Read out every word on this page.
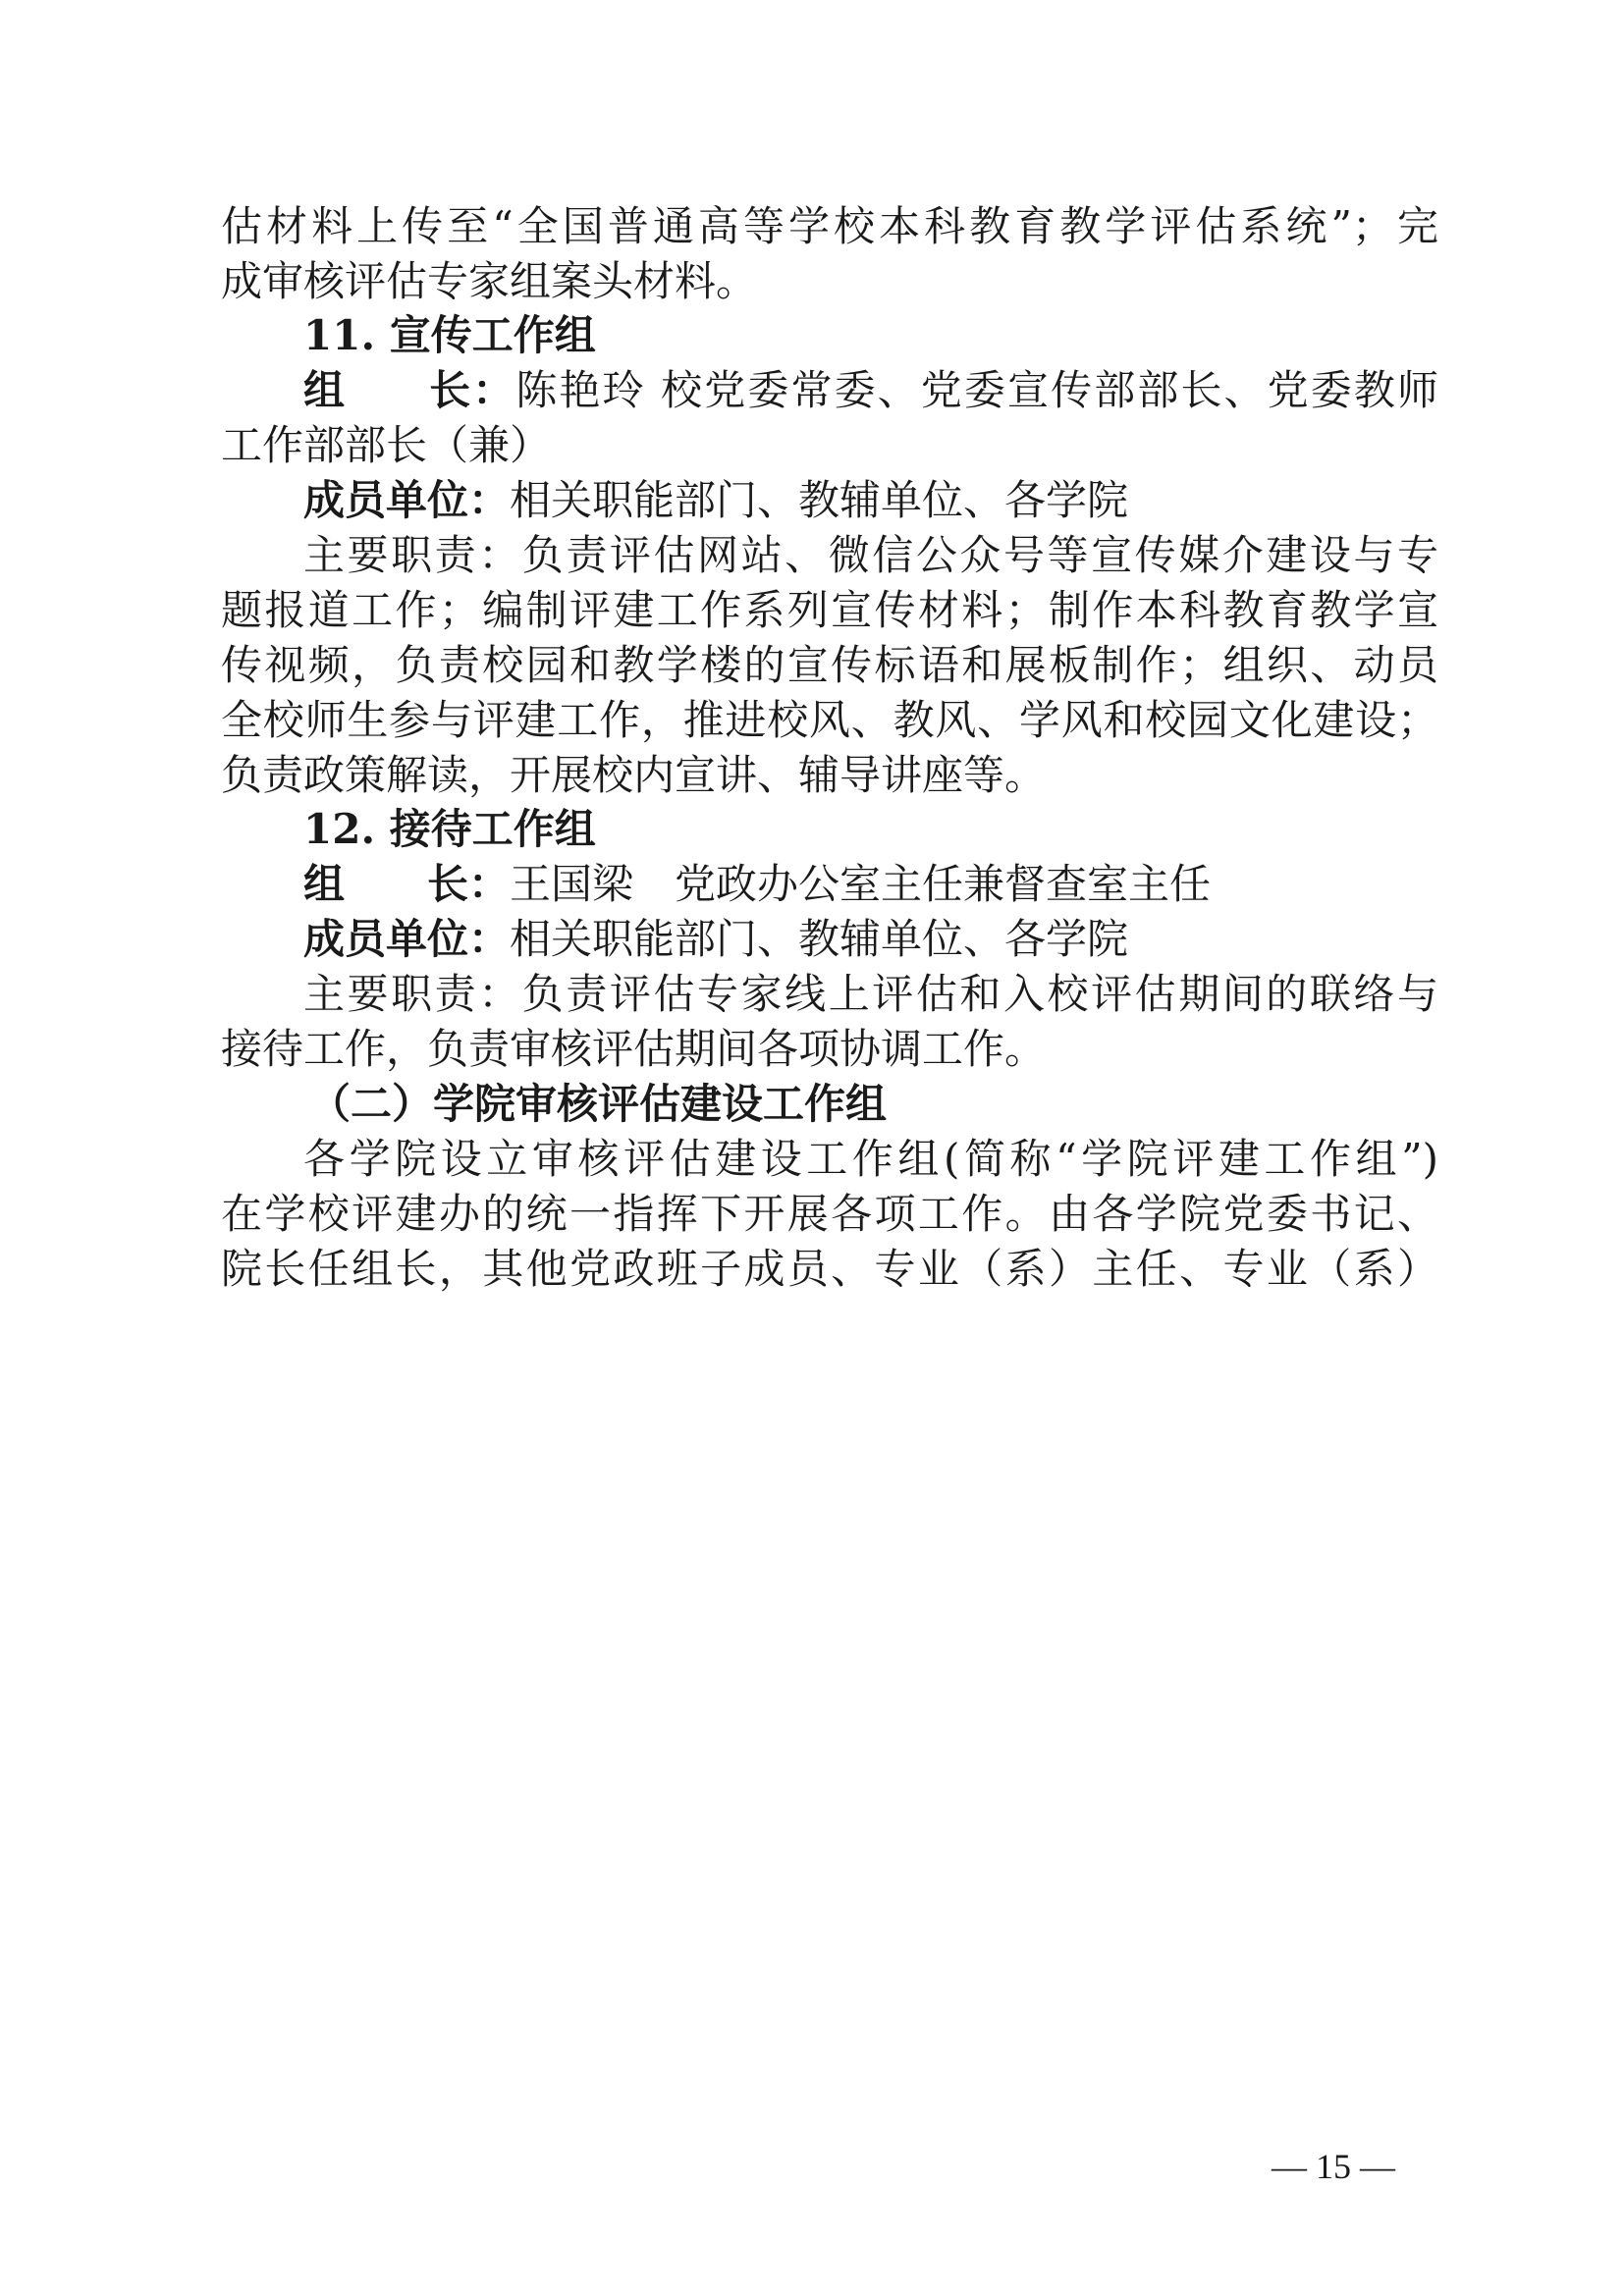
估材料上传至“全国普通高等学校本科教育教学评估系统”；完
成审核评估专家组案头材料。
11. 宣传工作组
组 长：陈艳玲 校党委常委、党委宣传部部长、党委教师
工作部部长（兼）
成员单位：相关职能部门、教辅单位、各学院
主要职责：负责评估网站、微信公众号等宣传媒介建设与专
题报道工作；编制评建工作系列宣传材料；制作本科教育教学宣
传视频，负责校园和教学楼的宣传标语和展板制作；组织、动员
全校师生参与评建工作，推进校风、教风、学风和校园文化建设；
负责政策解读，开展校内宣讲、辅导讲座等。
12. 接待工作组
组 长：王国梁　党政办公室主任兼督查室主任
成员单位：相关职能部门、教辅单位、各学院
主要职责：负责评估专家线上评估和入校评估期间的联络与
接待工作，负责审核评估期间各项协调工作。
（二）学院审核评估建设工作组
各学院设立审核评估建设工作组(简称“学院评建工作组”)
在学校评建办的统一指挥下开展各项工作。由各学院党委书记、
院长任组长，其他党政班子成员、专业（系）主任、专业（系）
— 15 —
